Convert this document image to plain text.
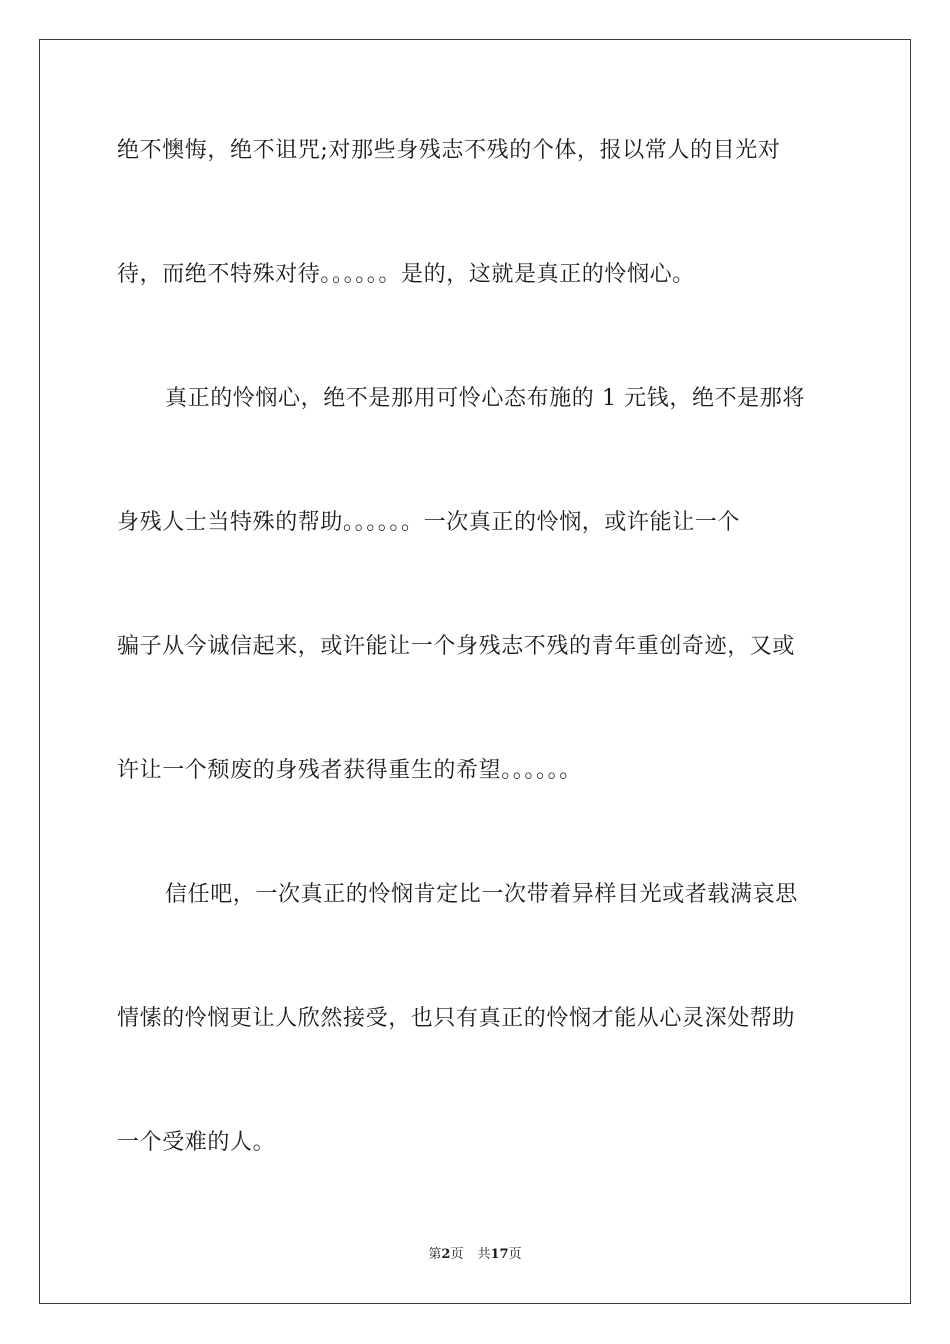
绝不懊悔，绝不诅咒;对那些身残志不残的个体，报以常人的目光对
待，而绝不特殊对待。。。。。。是的，这就是真正的怜悯心。
真正的怜悯心，绝不是那用可怜心态布施的 1 元钱，绝不是那将
身残人士当特殊的帮助。。。。。。一次真正的怜悯，或许能让一个
骗子从今诚信起来，或许能让一个身残志不残的青年重创奇迹，又或
许让一个颓废的身残者获得重生的希望。。。。。。
信任吧，一次真正的怜悯肯定比一次带着异样目光或者载满哀思
情愫的怜悯更让人欣然接受，也只有真正的怜悯才能从心灵深处帮助
一个受难的人。
第2页 共17页
